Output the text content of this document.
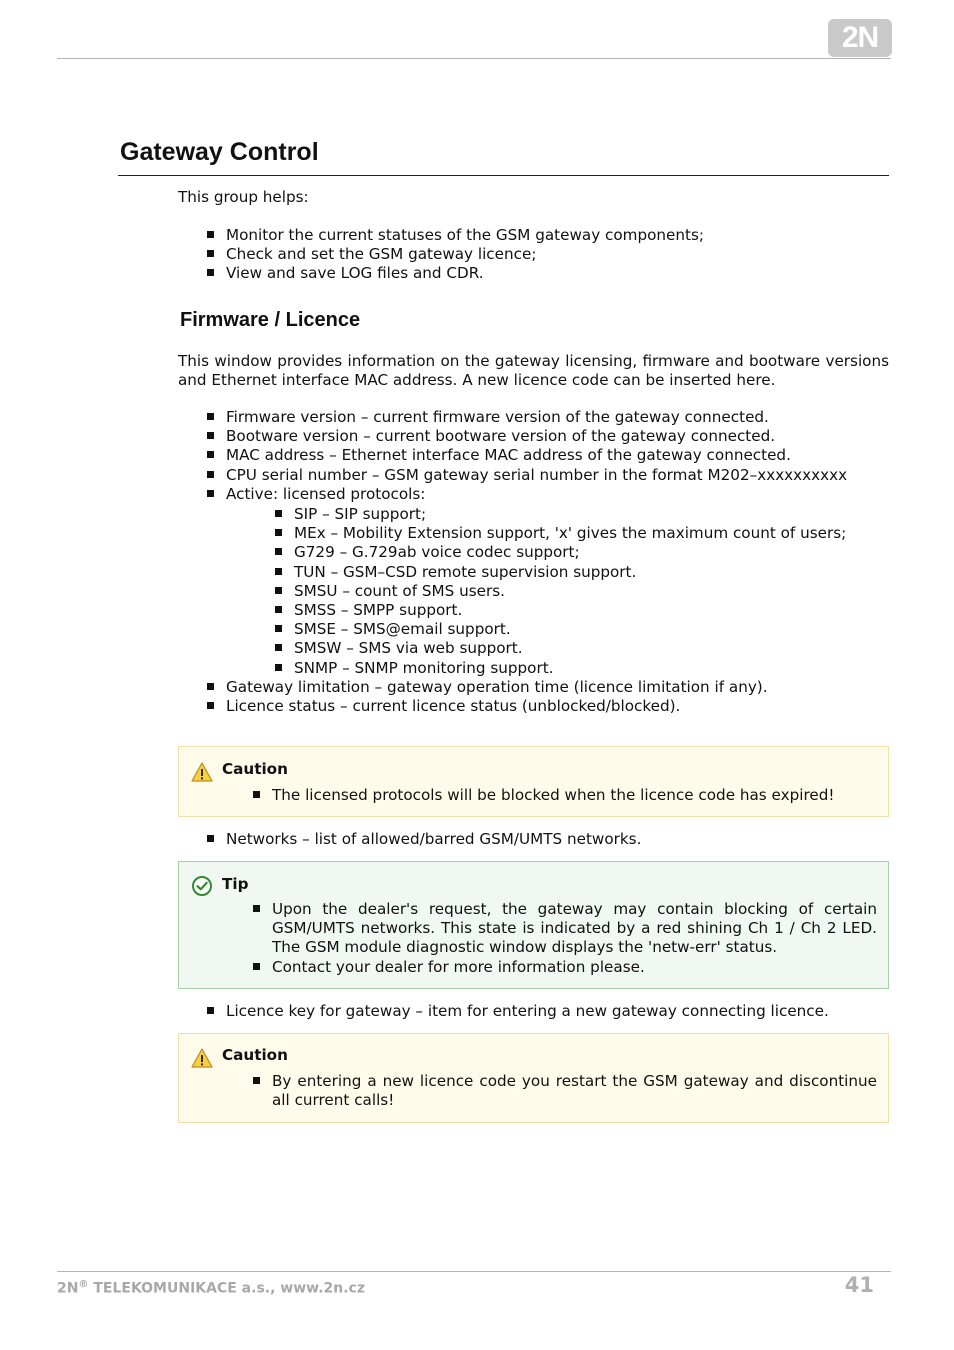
2N
Gateway Control

This group helps:

Monitor the current statuses of the GSM gateway components;
Check and set the GSM gateway licence;
View and save LOG files and CDR.
Firmware / Licence

This window provides information on the gateway licensing, firmware and bootware versions and Ethernet interface MAC address. A new licence code can be inserted here.

Firmware version – current firmware version of the gateway connected.
Bootware version – current bootware version of the gateway connected.
MAC address – Ethernet interface MAC address of the gateway connected.
CPU serial number – GSM gateway serial number in the format M202–xxxxxxxxxx
Active: licensed protocols:
SIP – SIP support;
MEx – Mobility Extension support, 'x' gives the maximum count of users;
G729 – G.729ab voice codec support;
TUN – GSM–CSD remote supervision support.
SMSU – count of SMS users.
SMSS – SMPP support.
SMSE – SMS@email support.
SMSW – SMS via web support.
SNMP – SNMP monitoring support.
Gateway limitation – gateway operation time (licence limitation if any).
Licence status – current licence status (unblocked/blocked).
Caution
The licensed protocols will be blocked when the licence code has expired!
Networks – list of allowed/barred GSM/UMTS networks.
Tip
Upon the dealer's request, the gateway may contain blocking of certain GSM/UMTS networks. This state is indicated by a red shining Ch 1 / Ch 2 LED. The GSM module diagnostic window displays the 'netw-err' status.
Contact your dealer for more information please.
Licence key for gateway – item for entering a new gateway connecting licence.
Caution
By entering a new licence code you restart the GSM gateway and discontinue all current calls!
2N® TELEKOMUNIKACE a.s., www.2n.cz	41
